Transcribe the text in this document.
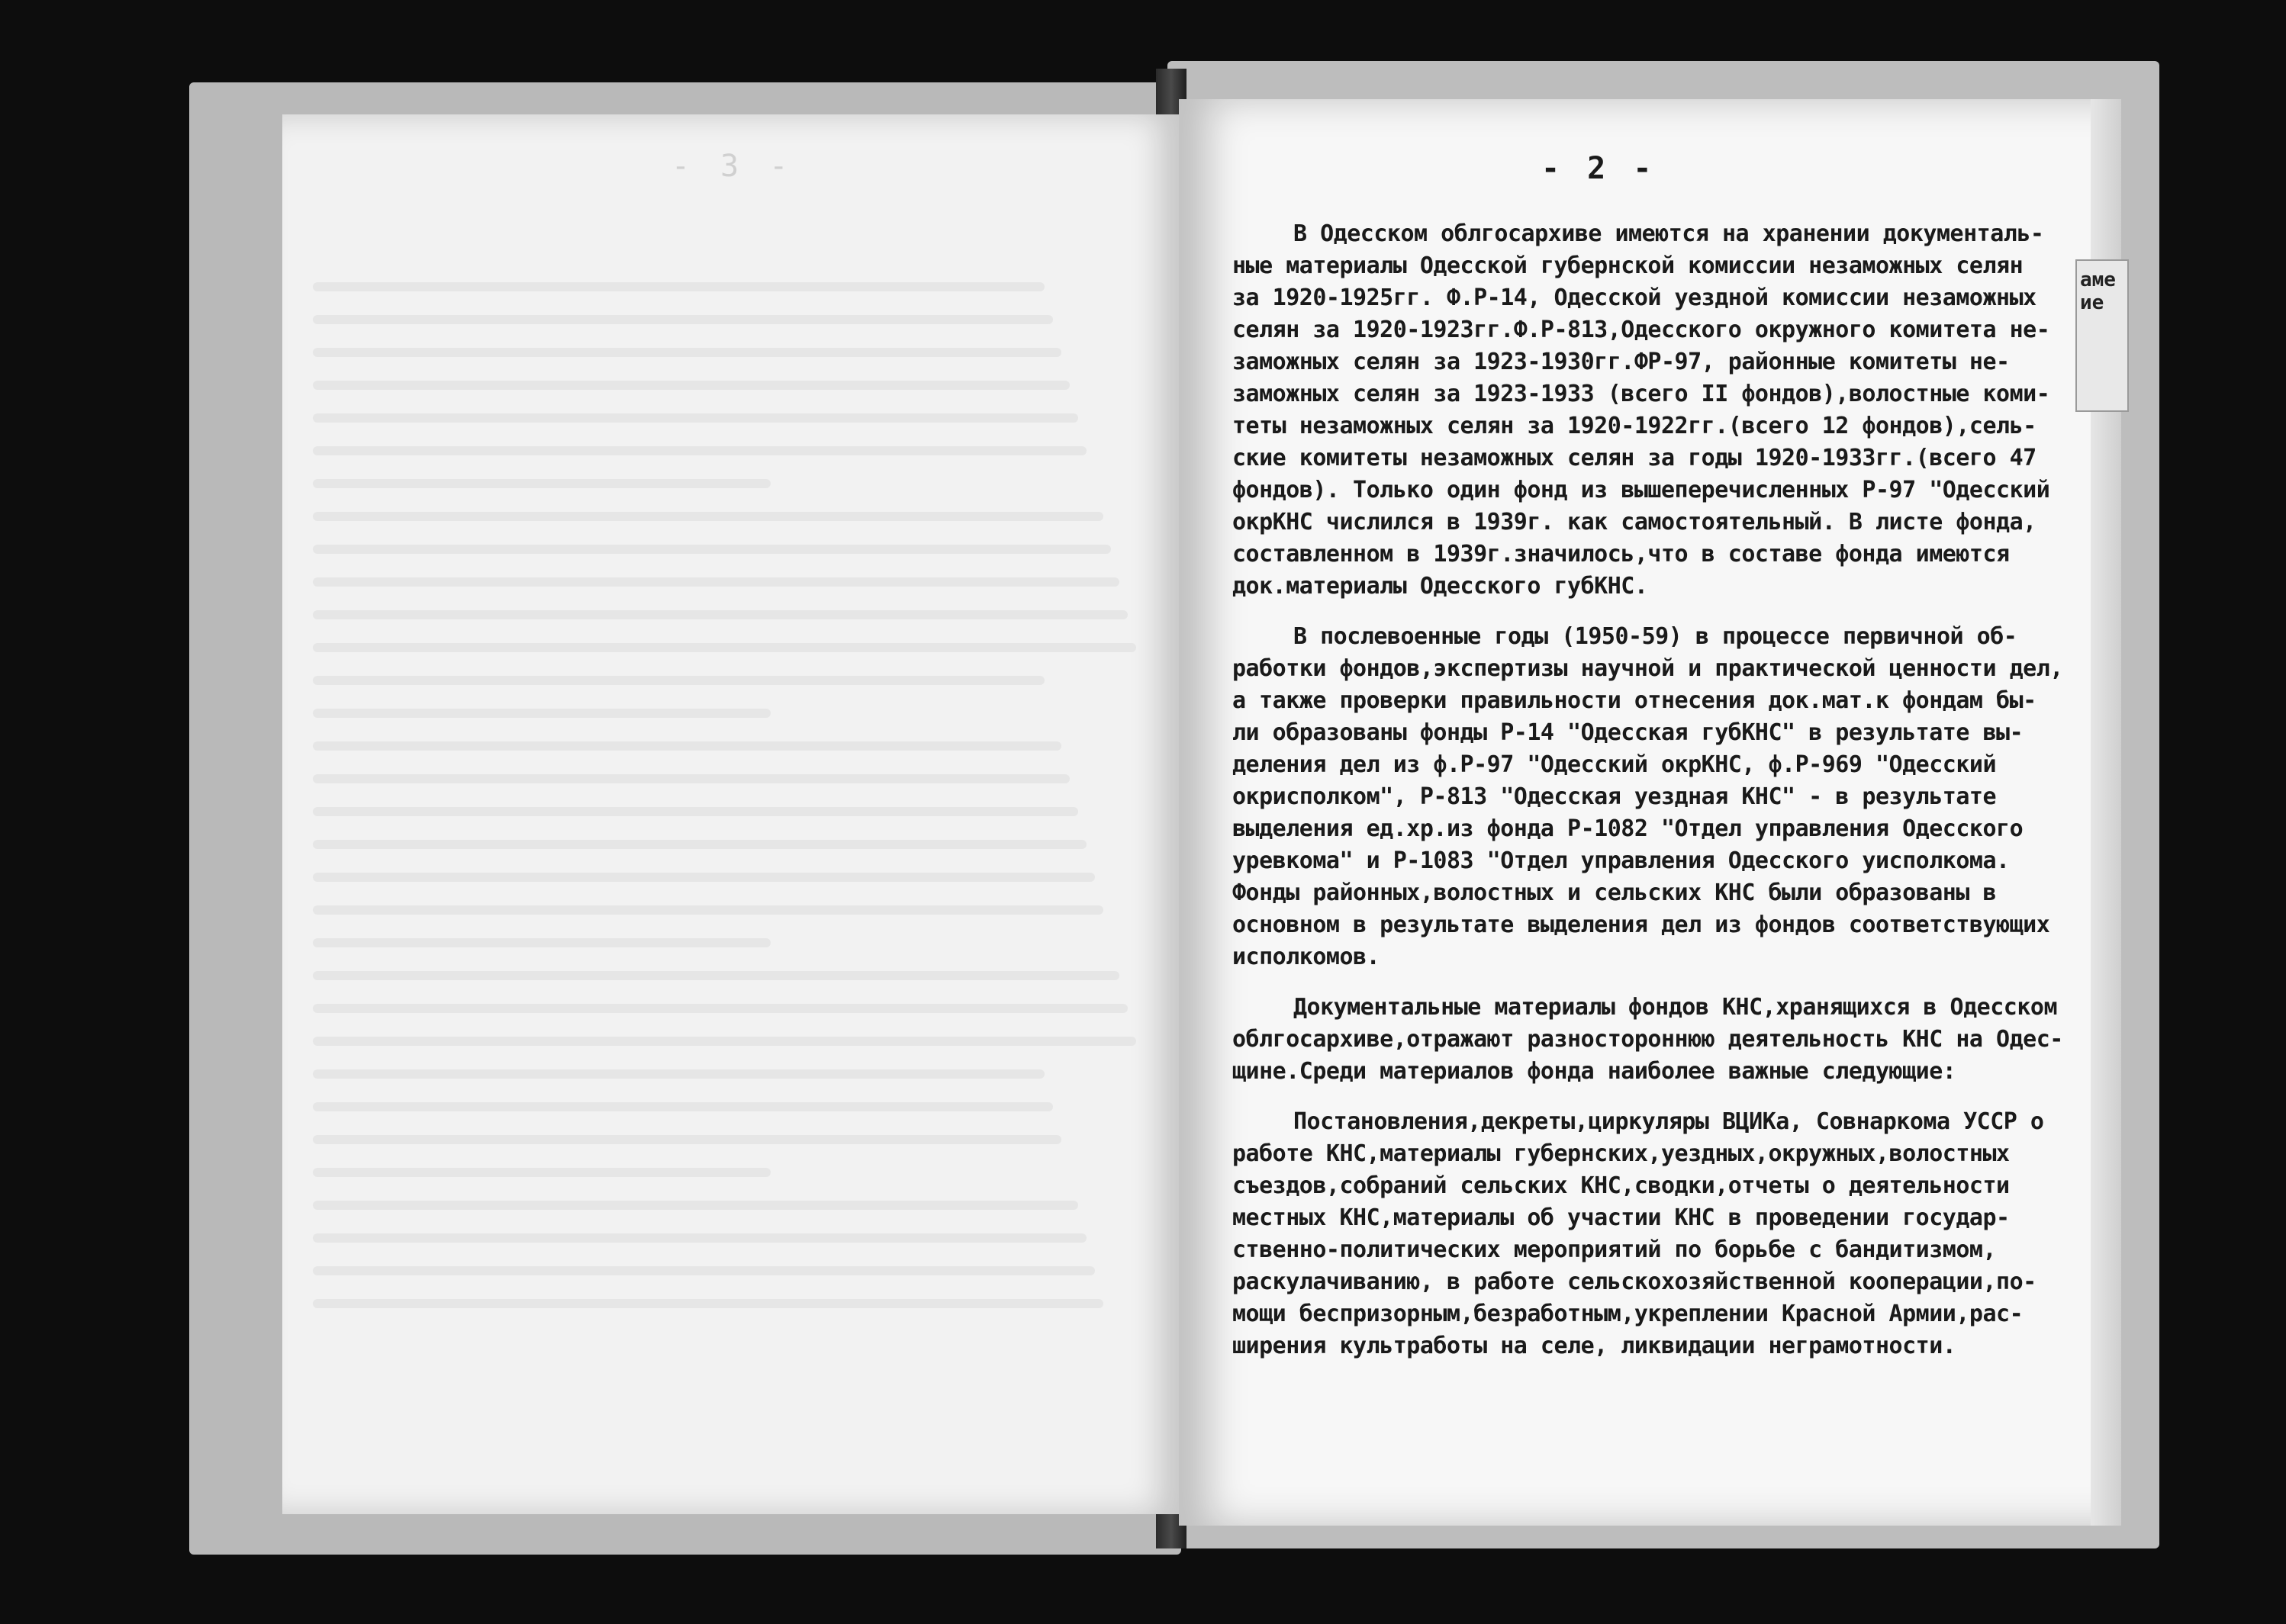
- 3 -
аме
ие
- 2 -
В Одесском облгосархиве имеются на хранении документаль-
ные материалы Одесской губернской комиссии незаможных селян
за 1920-1925гг. Ф.Р-14, Одесской уездной комиссии незаможных
селян за 1920-1923гг.Ф.Р-813,Одесского окружного комитета не-
заможных селян за 1923-1930гг.ФР-97, районные комитеты не-
заможных селян за 1923-1933 (всего II фондов),волостные коми-
теты незаможных селян за 1920-1922гг.(всего 12 фондов),сель-
ские комитеты незаможных селян за годы 1920-1933гг.(всего 47
фондов). Только один фонд из вышеперечисленных Р-97 "Одесский
окрКНС числился в 1939г. как самостоятельный. В листе фонда,
составленном в 1939г.значилось,что в составе фонда имеются
док.материалы Одесского губКНС.
В послевоенные годы (1950-59) в процессе первичной об-
работки фондов,экспертизы научной и практической ценности дел,
а также проверки правильности отнесения док.мат.к фондам бы-
ли образованы фонды Р-14 "Одесская губКНС" в результате вы-
деления дел из ф.Р-97 "Одесский окрКНС, ф.Р-969 "Одесский
окрисполком", Р-813 "Одесская уездная КНС" - в результате
выделения ед.хр.из фонда Р-1082 "Отдел управления Одесского
уревкома" и Р-1083 "Отдел управления Одесского уисполкома.
Фонды районных,волостных и сельских КНС были образованы в
основном в результате выделения дел из фондов соответствующих
исполкомов.
Документальные материалы фондов КНС,хранящихся в Одесском
облгосархиве,отражают разностороннюю деятельность КНС на Одес-
щине.Среди материалов фонда наиболее важные следующие:
Постановления,декреты,циркуляры ВЦИКа, Совнаркома УССР о
работе КНС,материалы губернских,уездных,окружных,волостных
съездов,собраний сельских КНС,сводки,отчеты о деятельности
местных КНС,материалы об участии КНС в проведении государ-
ственно-политических мероприятий по борьбе с бандитизмом,
раскулачиванию, в работе сельскохозяйственной кооперации,по-
мощи беспризорным,безработным,укреплении Красной Армии,рас-
ширения культработы на селе, ликвидации неграмотности.
